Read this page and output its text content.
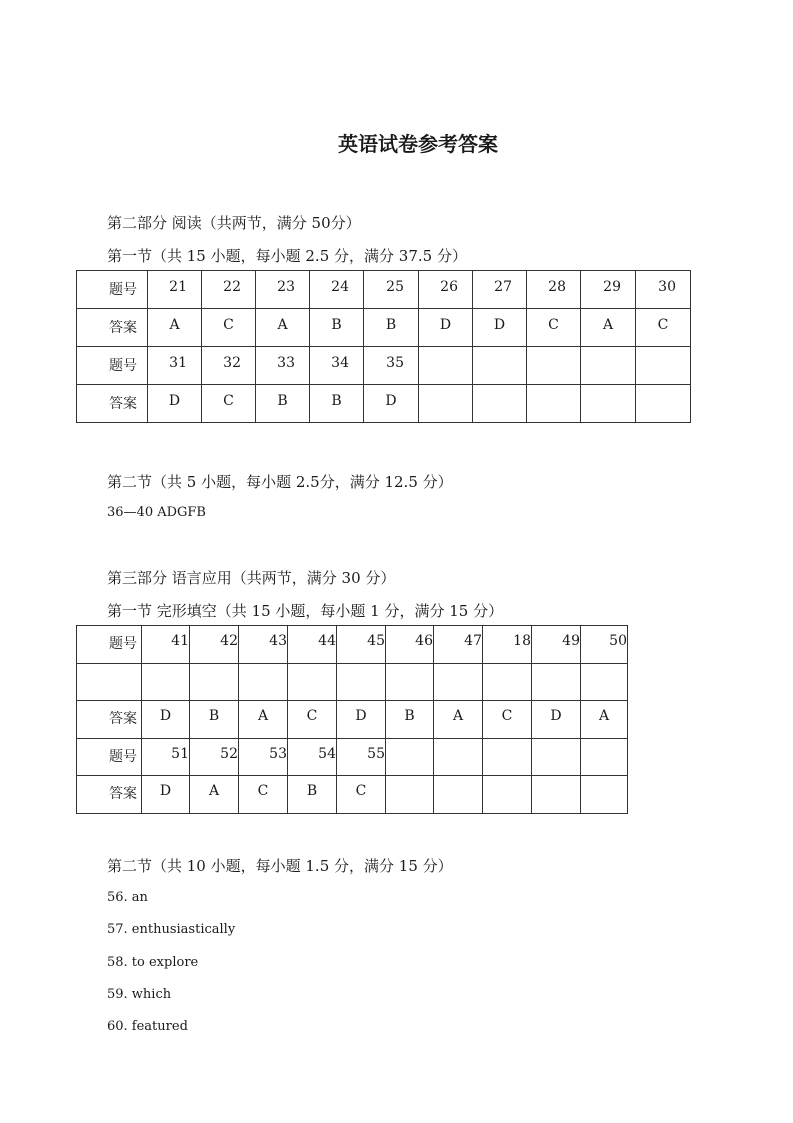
英语试卷参考答案
第二部分 阅读（共两节，满分 50分）
第一节（共 15 小题，每小题 2.5 分，满分 37.5 分）
题号	21	22	23	24	25	26	27	28	29	30
答案	A	C	A	B	B	D	D	C	A	C
题号	31	32	33	34	35					
答案	D	C	B	B	D					
第二节（共 5 小题，每小题 2.5分，满分 12.5 分）
36—40 ADGFB
第三部分 语言应用（共两节，满分 30 分）
第一节 完形填空（共 15 小题，每小题 1 分，满分 15 分）
题号	41	42	43	44	45	46	47	18	49	50

答案	D	B	A	C	D	B	A	C	D	A
题号	51	52	53	54	55					
答案	D	A	C	B	C					
第二节（共 10 小题，每小题 1.5 分，满分 15 分）
56. an
57. enthusiastically
58. to explore
59. which
60. featured
